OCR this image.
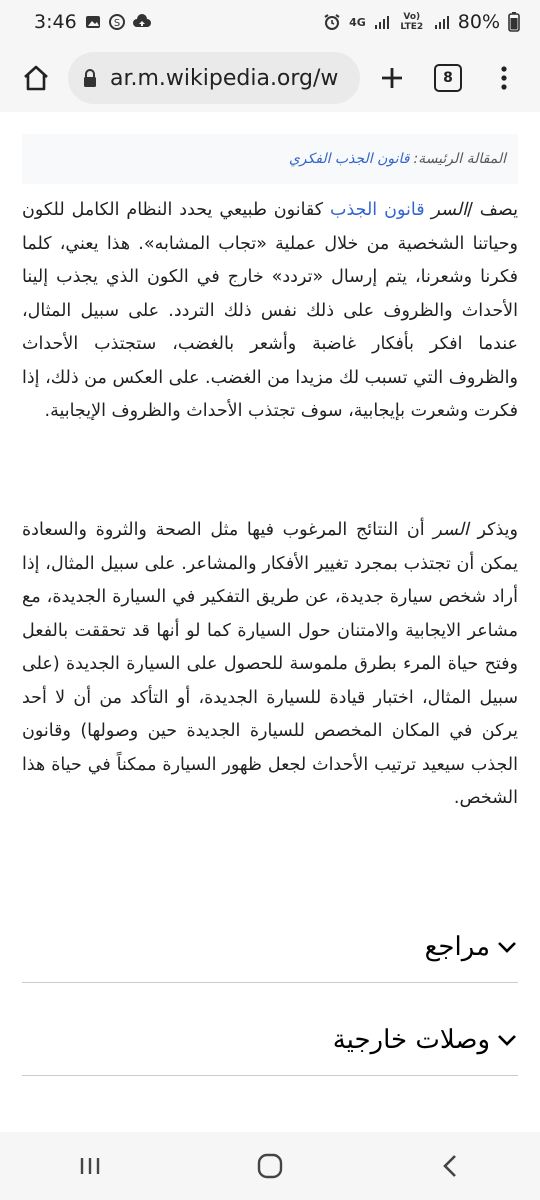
3:46	S	4G	Vo) LTE2 80%
ar.m.wikipedia.org/w	8
المقالة الرئيسة:
قانون الجذب الفكري
يصف /السر قانون الجذب كقانون طبيعي يحدد النظام الكامل للكون وحياتنا الشخصية من خلال عملية «تجاب المشابه». هذا يعني، كلما فكرنا وشعرنا، يتم إرسال «تردد» خارج في الكون الذي يجذب إلينا الأحداث والظروف على ذلك نفس ذلك التردد. على سبيل المثال، عندما افكر بأفكار غاضبة وأشعر بالغضب، ستجتذب الأحداث والظروف التي تسبب لك مزيدا من الغضب. على العكس من ذلك، إذا فكرت وشعرت بإيجابية، سوف تجتذب الأحداث والظروف الإيجابية.
ويذكر السر أن النتائج المرغوب فيها مثل الصحة والثروة والسعادة يمكن أن تجتذب بمجرد تغيير الأفكار والمشاعر. على سبيل المثال، إذا أراد شخص سيارة جديدة، عن طريق التفكير في السيارة الجديدة، مع مشاعر الايجابية والامتنان حول السيارة كما لو أنها قد تحققت بالفعل وفتح حياة المرء بطرق ملموسة للحصول على السيارة الجديدة (على سبيل المثال، اختبار قيادة للسيارة الجديدة، أو التأكد من أن لا أحد يركن في المكان المخصص للسيارة الجديدة حين وصولها) وقانون الجذب سيعيد ترتيب الأحداث لجعل ظهور السيارة ممكناً في حياة هذا الشخص.
مراجع
وصلات خارجية
